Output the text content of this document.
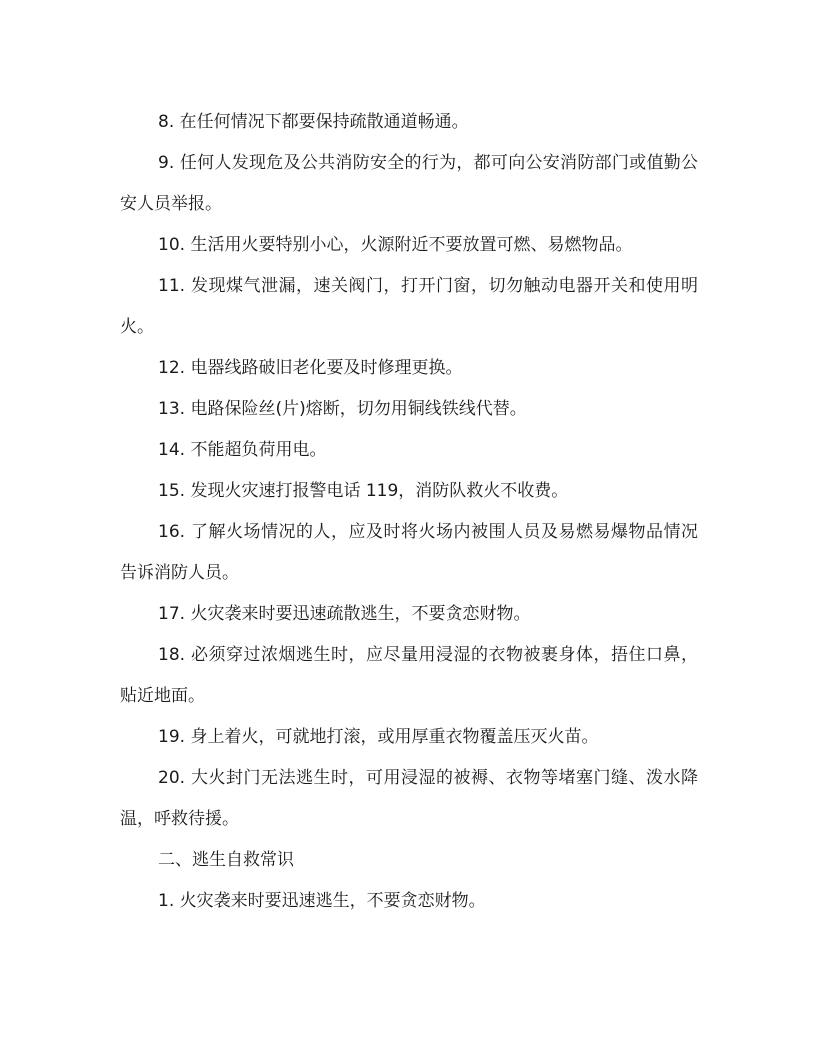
8. 在任何情况下都要保持疏散通道畅通。

9. 任何人发现危及公共消防安全的行为，都可向公安消防部门或值勤公安人员举报。

10. 生活用火要特别小心，火源附近不要放置可燃、易燃物品。

11. 发现煤气泄漏，速关阀门，打开门窗，切勿触动电器开关和使用明火。

12. 电器线路破旧老化要及时修理更换。

13. 电路保险丝(片)熔断，切勿用铜线铁线代替。

14. 不能超负荷用电。

15. 发现火灾速打报警电话 119，消防队救火不收费。

16. 了解火场情况的人，应及时将火场内被围人员及易燃易爆物品情况告诉消防人员。

17. 火灾袭来时要迅速疏散逃生，不要贪恋财物。

18. 必须穿过浓烟逃生时，应尽量用浸湿的衣物被裹身体，捂住口鼻，贴近地面。

19. 身上着火，可就地打滚，或用厚重衣物覆盖压灭火苗。

20. 大火封门无法逃生时，可用浸湿的被褥、衣物等堵塞门缝、泼水降温，呼救待援。

二、逃生自救常识

1. 火灾袭来时要迅速逃生，不要贪恋财物。
